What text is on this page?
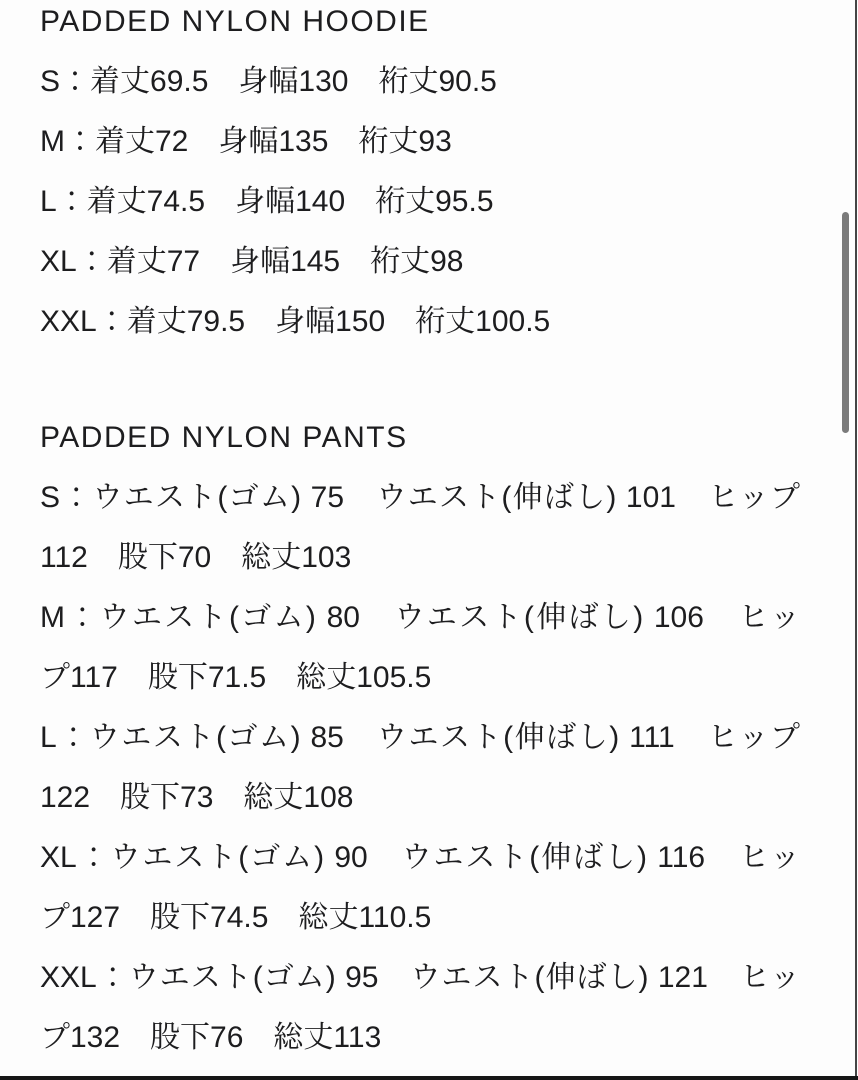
PADDED NYLON HOODIE
S：着丈69.5　身幅130　裄丈90.5
M：着丈72　身幅135　裄丈93
L：着丈74.5　身幅140　裄丈95.5
XL：着丈77　身幅145　裄丈98
XXL：着丈79.5　身幅150　裄丈100.5
PADDED NYLON PANTS
S：ウエスト(ゴム) 75　ウエスト(伸ばし) 101　ヒップ
112　股下70　総丈103
M：ウエスト(ゴム) 80　ウエスト(伸ばし) 106　ヒッ
プ117　股下71.5　総丈105.5
L：ウエスト(ゴム) 85　ウエスト(伸ばし) 111　ヒップ
122　股下73　総丈108
XL：ウエスト(ゴム) 90　ウエスト(伸ばし) 116　ヒッ
プ127　股下74.5　総丈110.5
XXL：ウエスト(ゴム) 95　ウエスト(伸ばし) 121　ヒッ
プ132　股下76　総丈113
